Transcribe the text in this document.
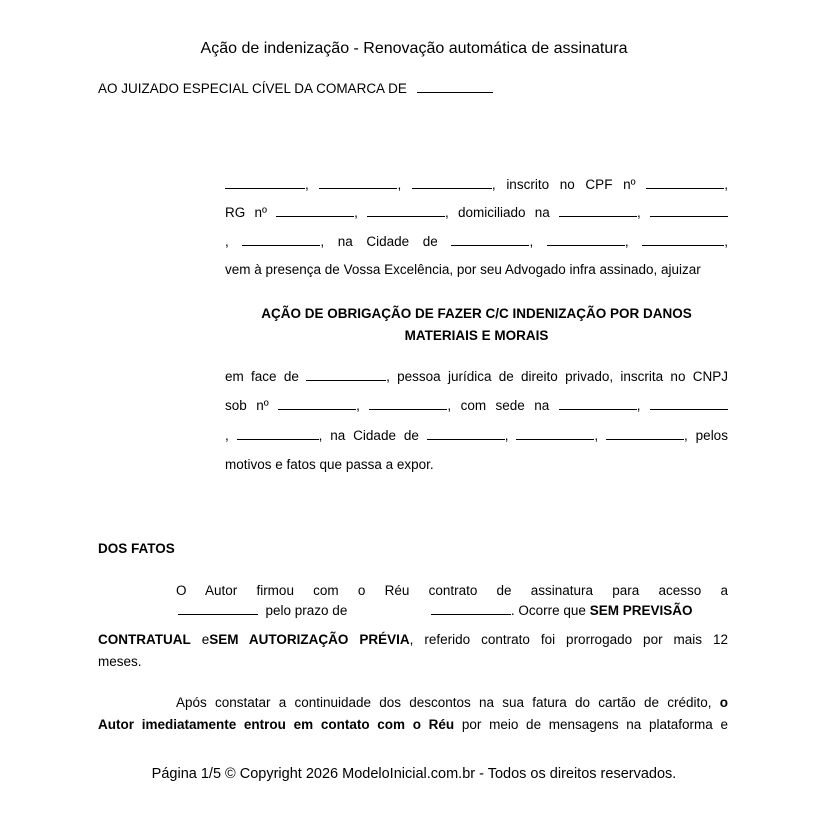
Ação de indenização - Renovação automática de assinatura
AO JUIZADO ESPECIAL CÍVEL DA COMARCA DE
,	,	, inscrito no CPF nº	,
RG nº	,	, domiciliado na	,
,	, na Cidade de	,	,	,
vem à presença de Vossa Excelência, por seu Advogado infra assinado, ajuizar
AÇÃO DE OBRIGAÇÃO DE FAZER C/C INDENIZAÇÃO POR DANOS
MATERIAIS E MORAIS
em face de	, pessoa jurídica de direito privado, inscrita no CNPJ
sob nº	,	, com sede na	,
,	, na Cidade de	,	,	, pelos
motivos e fatos que passa a expor.
DOS FATOS
O Autor firmou com o Réu contrato de assinatura para acesso a
pelo prazo de	. Ocorre que SEM PREVISÃO
CONTRATUAL eSEM AUTORIZAÇÃO PRÉVIA, referido contrato foi prorrogado por mais 12
meses.
Após constatar a continuidade dos descontos na sua fatura do cartão de crédito, o
Autor imediatamente entrou em contato com o Réu por meio de mensagens na plataforma e
Página 1/5 © Copyright 2026 ModeloInicial.com.br - Todos os direitos reservados.
